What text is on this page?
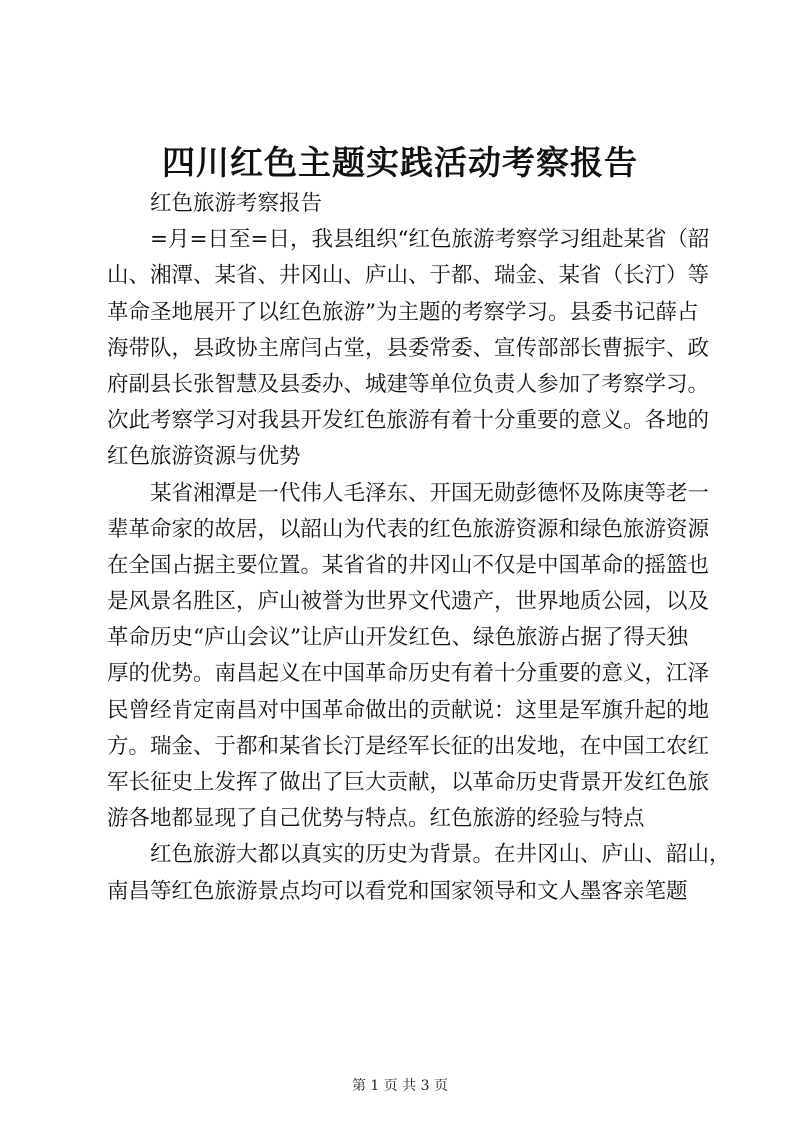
四川红色主题实践活动考察报告
红色旅游考察报告
=月=日至=日，我县组织“红色旅游考察学习组赴某省（韶
山、湘潭、某省、井冈山、庐山、于都、瑞金、某省（长汀）等
革命圣地展开了以红色旅游”为主题的考察学习。县委书记薛占
海带队，县政协主席闫占堂，县委常委、宣传部部长曹振宇、政
府副县长张智慧及县委办、城建等单位负责人参加了考察学习。
次此考察学习对我县开发红色旅游有着十分重要的意义。各地的
红色旅游资源与优势
某省湘潭是一代伟人毛泽东、开国无勋彭德怀及陈庚等老一
辈革命家的故居，以韶山为代表的红色旅游资源和绿色旅游资源
在全国占据主要位置。某省省的井冈山不仅是中国革命的摇篮也
是风景名胜区，庐山被誉为世界文代遗产，世界地质公园，以及
革命历史“庐山会议”让庐山开发红色、绿色旅游占据了得天独
厚的优势。南昌起义在中国革命历史有着十分重要的意义，江泽
民曾经肯定南昌对中国革命做出的贡献说：这里是军旗升起的地
方。瑞金、于都和某省长汀是经军长征的出发地，在中国工农红
军长征史上发挥了做出了巨大贡献，以革命历史背景开发红色旅
游各地都显现了自己优势与特点。红色旅游的经验与特点
红色旅游大都以真实的历史为背景。在井冈山、庐山、韶山，
南昌等红色旅游景点均可以看党和国家领导和文人墨客亲笔题
第 1 页 共 3 页
